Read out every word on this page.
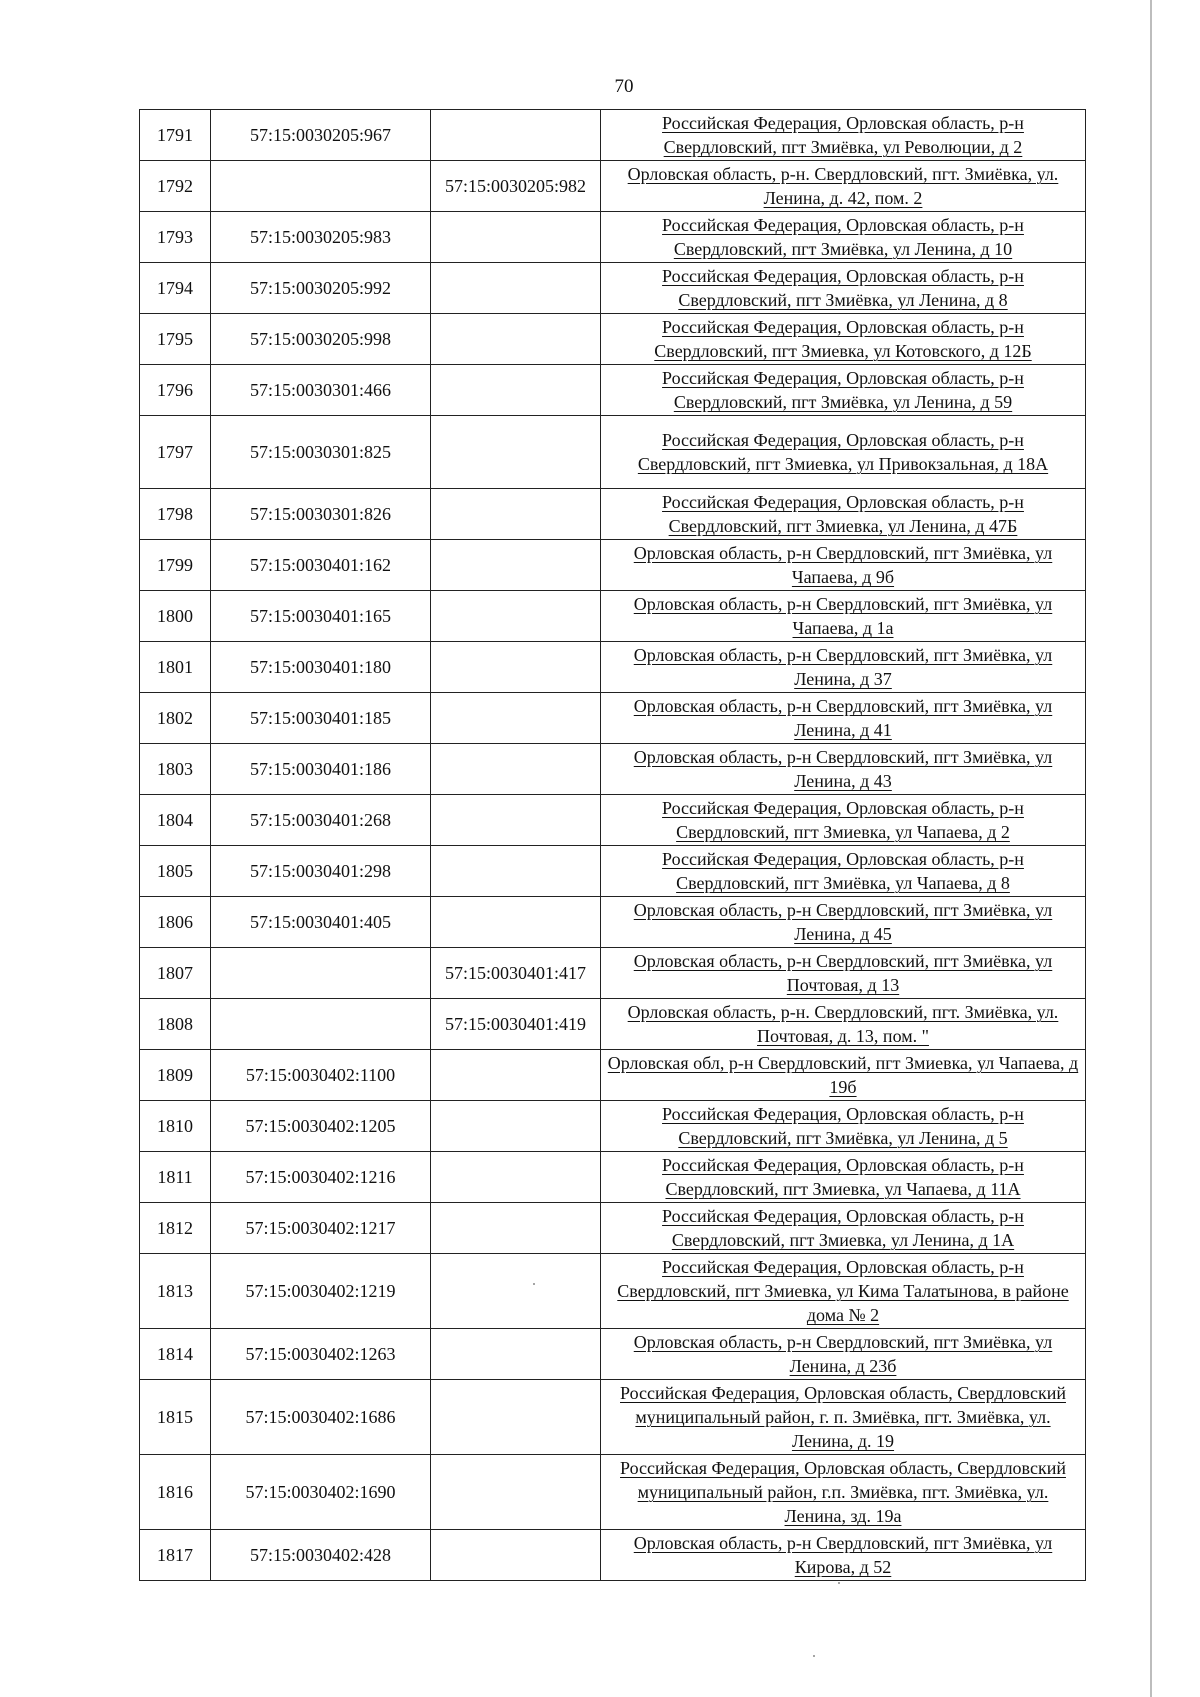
70
1791	57:15:0030205:967		Российская Федерация, Орловская область, р-н Свердловский, пгт Змиёвка, ул Революции, д 2
1792		57:15:0030205:982	Орловская область, р-н. Свердловский, пгт. Змиёвка, ул. Ленина, д. 42, пом. 2
1793	57:15:0030205:983		Российская Федерация, Орловская область, р-н Свердловский, пгт Змиёвка, ул Ленина, д 10
1794	57:15:0030205:992		Российская Федерация, Орловская область, р-н Свердловский, пгт Змиёвка, ул Ленина, д 8
1795	57:15:0030205:998		Российская Федерация, Орловская область, р-н Свердловский, пгт Змиевка, ул Котовского, д 12Б
1796	57:15:0030301:466		Российская Федерация, Орловская область, р-н Свердловский, пгт Змиёвка, ул Ленина, д 59
1797	57:15:0030301:825		Российская Федерация, Орловская область, р-н Свердловский, пгт Змиевка, ул Привокзальная, д 18А
1798	57:15:0030301:826		Российская Федерация, Орловская область, р-н Свердловский, пгт Змиевка, ул Ленина, д 47Б
1799	57:15:0030401:162		Орловская область, р-н Свердловский, пгт Змиёвка, ул Чапаева, д 9б
1800	57:15:0030401:165		Орловская область, р-н Свердловский, пгт Змиёвка, ул Чапаева, д 1а
1801	57:15:0030401:180		Орловская область, р-н Свердловский, пгт Змиёвка, ул Ленина, д 37
1802	57:15:0030401:185		Орловская область, р-н Свердловский, пгт Змиёвка, ул Ленина, д 41
1803	57:15:0030401:186		Орловская область, р-н Свердловский, пгт Змиёвка, ул Ленина, д 43
1804	57:15:0030401:268		Российская Федерация, Орловская область, р-н Свердловский, пгт Змиевка, ул Чапаева, д 2
1805	57:15:0030401:298		Российская Федерация, Орловская область, р-н Свердловский, пгт Змиёвка, ул Чапаева, д 8
1806	57:15:0030401:405		Орловская область, р-н Свердловский, пгт Змиёвка, ул Ленина, д 45
1807		57:15:0030401:417	Орловская область, р-н Свердловский, пгт Змиёвка, ул Почтовая, д 13
1808		57:15:0030401:419	Орловская область, р-н. Свердловский, пгт. Змиёвка, ул. Почтовая, д. 13, пом. "
1809	57:15:0030402:1100		Орловская обл, р-н Свердловский, пгт Змиевка, ул Чапаева, д 19б
1810	57:15:0030402:1205		Российская Федерация, Орловская область, р-н Свердловский, пгт Змиёвка, ул Ленина, д 5
1811	57:15:0030402:1216		Российская Федерация, Орловская область, р-н Свердловский, пгт Змиевка, ул Чапаева, д 11А
1812	57:15:0030402:1217		Российская Федерация, Орловская область, р-н Свердловский, пгт Змиевка, ул Ленина, д 1А
1813	57:15:0030402:1219		Российская Федерация, Орловская область, р-н Свердловский, пгт Змиевка, ул Кима Талатынова, в районе дома № 2
1814	57:15:0030402:1263		Орловская область, р-н Свердловский, пгт Змиёвка, ул Ленина, д 23б
1815	57:15:0030402:1686		Российская Федерация, Орловская область, Свердловский муниципальный район, г. п. Змиёвка, пгт. Змиёвка, ул. Ленина, д. 19
1816	57:15:0030402:1690		Российская Федерация, Орловская область, Свердловский муниципальный район, г.п. Змиёвка, пгт. Змиёвка, ул. Ленина, зд. 19а
1817	57:15:0030402:428		Орловская область, р-н Свердловский, пгт Змиёвка, ул Кирова, д 52
